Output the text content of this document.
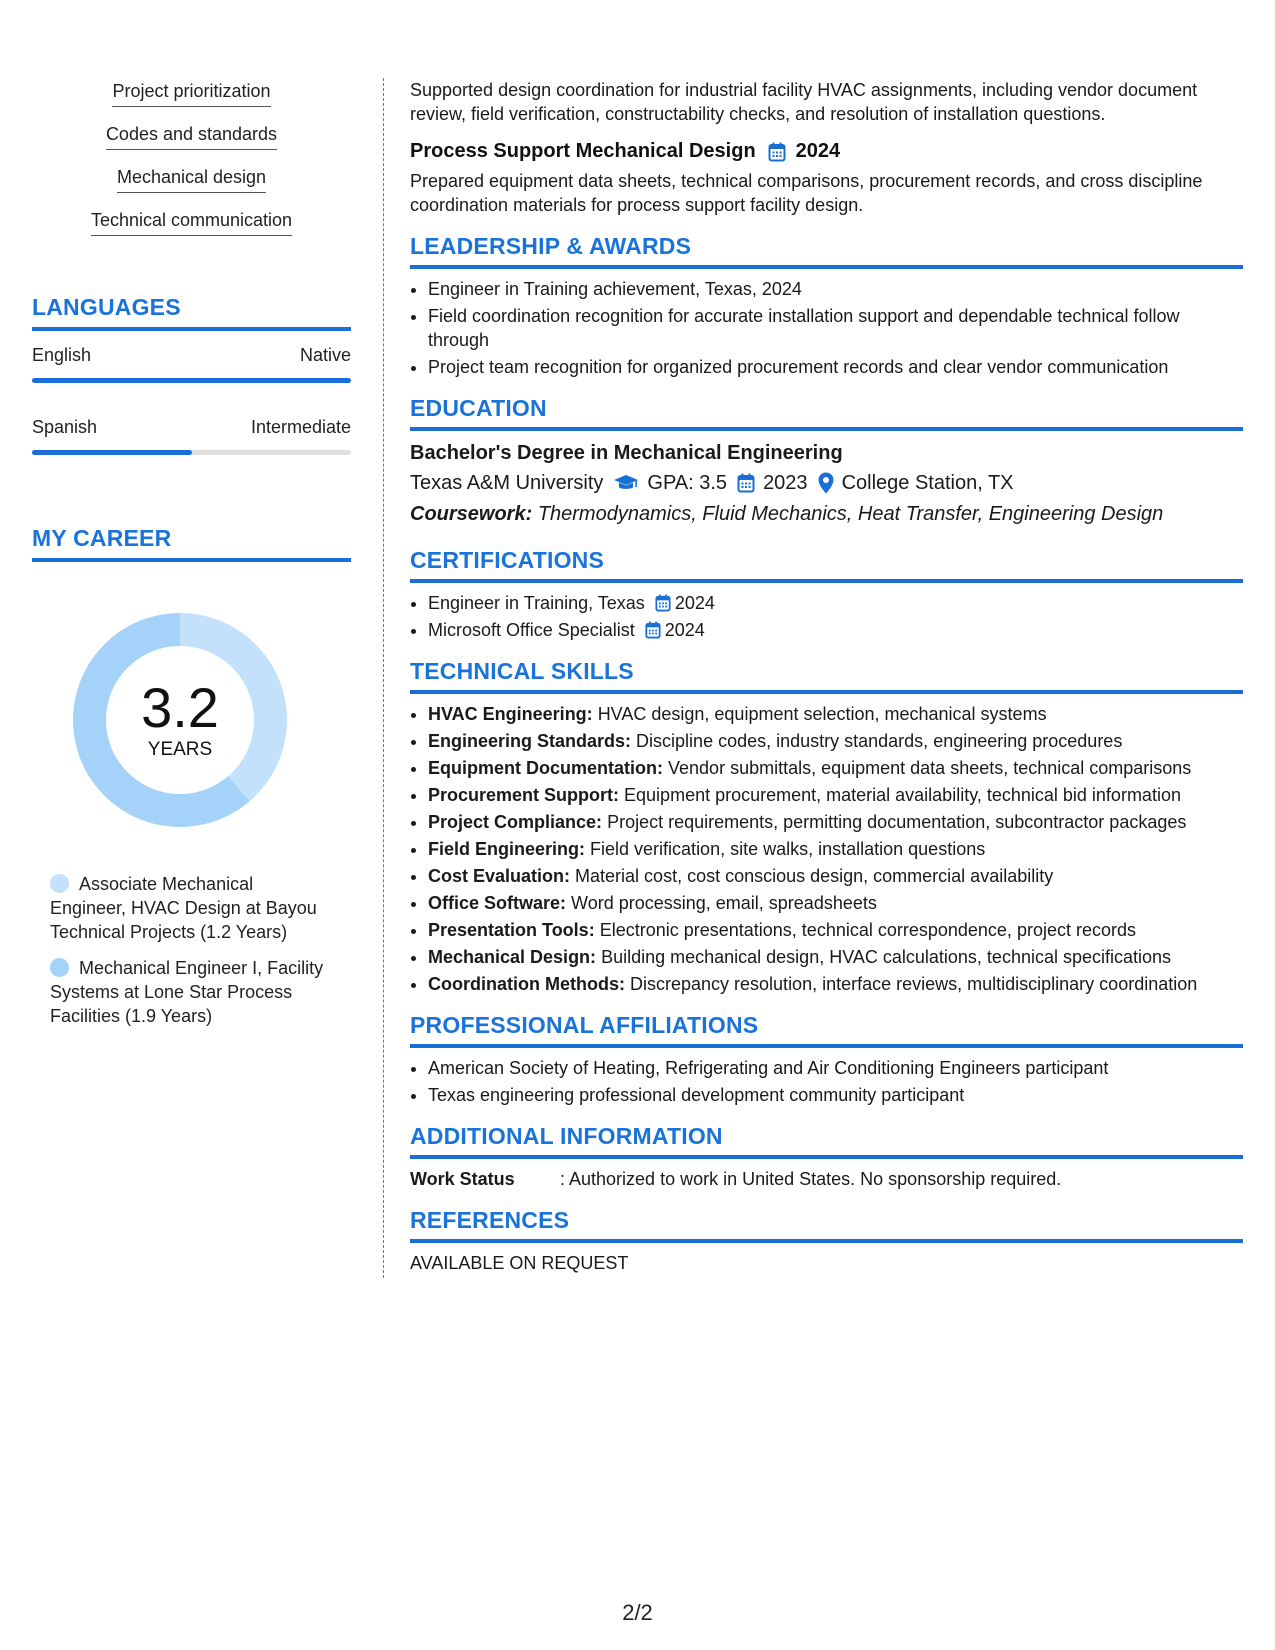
Project prioritization
Codes and standards
Mechanical design
Technical communication
LANGUAGES
English	Native
Spanish	Intermediate
MY CAREER
3.2
YEARS
Associate Mechanical Engineer, HVAC Design at Bayou Technical Projects (1.2 Years)
Mechanical Engineer I, Facility Systems at Lone Star Process Facilities (1.9 Years)

Supported design coordination for industrial facility HVAC assignments, including vendor document review, field verification, constructability checks, and resolution of installation questions.

Process Support Mechanical Design 2024

Prepared equipment data sheets, technical comparisons, procurement records, and cross discipline coordination materials for process support facility design.

LEADERSHIP & AWARDS
• Engineer in Training achievement, Texas, 2024
• Field coordination recognition for accurate installation support and dependable technical follow through
• Project team recognition for organized procurement records and clear vendor communication
EDUCATION
Bachelor's Degree in Mechanical Engineering
Texas A&M University GPA: 3.5 2023 College Station, TX
Coursework: Thermodynamics, Fluid Mechanics, Heat Transfer, Engineering Design
CERTIFICATIONS
• Engineer in Training, Texas 2024
• Microsoft Office Specialist 2024
TECHNICAL SKILLS
• HVAC Engineering: HVAC design, equipment selection, mechanical systems
• Engineering Standards: Discipline codes, industry standards, engineering procedures
• Equipment Documentation: Vendor submittals, equipment data sheets, technical comparisons
• Procurement Support: Equipment procurement, material availability, technical bid information
• Project Compliance: Project requirements, permitting documentation, subcontractor packages
• Field Engineering: Field verification, site walks, installation questions
• Cost Evaluation: Material cost, cost conscious design, commercial availability
• Office Software: Word processing, email, spreadsheets
• Presentation Tools: Electronic presentations, technical correspondence, project records
• Mechanical Design: Building mechanical design, HVAC calculations, technical specifications
• Coordination Methods: Discrepancy resolution, interface reviews, multidisciplinary coordination
PROFESSIONAL AFFILIATIONS
• American Society of Heating, Refrigerating and Air Conditioning Engineers participant
• Texas engineering professional development community participant
ADDITIONAL INFORMATION
Work Status	: Authorized to work in United States. No sponsorship required.
REFERENCES
AVAILABLE ON REQUEST
2/2
